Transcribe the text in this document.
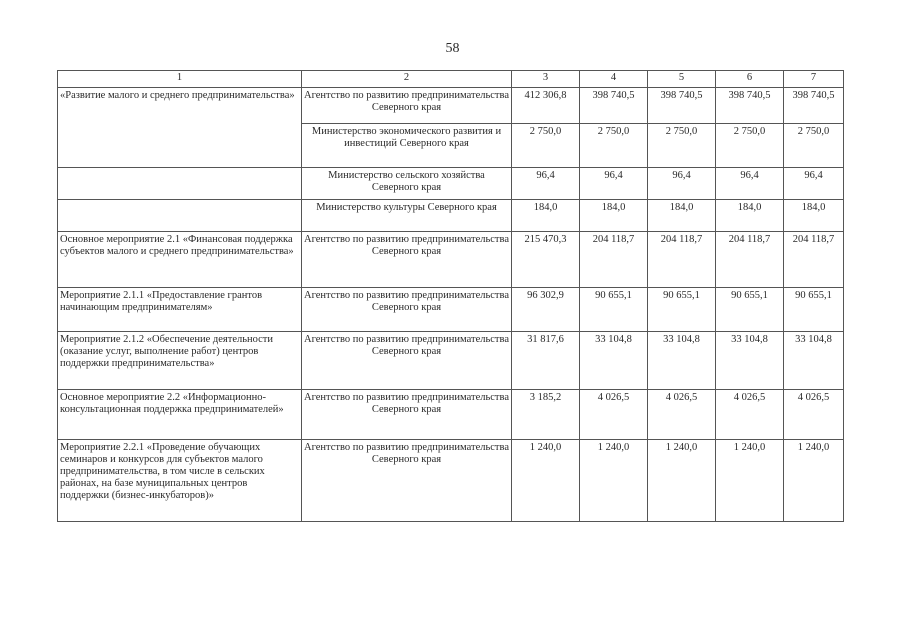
58
1	2	3	4	5	6	7
«Развитие малого и среднего предпринимательства»	Агентство по развитию предпринимательства Северного края	412 306,8	398 740,5	398 740,5	398 740,5	398 740,5
	Министерство экономического развития и инвестиций Северного края	2 750,0	2 750,0	2 750,0	2 750,0	2 750,0
	Министерство сельского хозяйства Северного края	96,4	96,4	96,4	96,4	96,4
	Министерство культуры Северного края	184,0	184,0	184,0	184,0	184,0
Основное мероприятие 2.1 «Финансовая поддержка субъектов малого и среднего предпринимательства»	Агентство по развитию предпринимательства Северного края	215 470,3	204 118,7	204 118,7	204 118,7	204 118,7
Мероприятие 2.1.1 «Предоставление грантов начинающим предпринимателям»	Агентство по развитию предпринимательства Северного края	96 302,9	90 655,1	90 655,1	90 655,1	90 655,1
Мероприятие 2.1.2 «Обеспечение деятельности (оказание услуг, выполнение работ) центров поддержки предпринимательства»	Агентство по развитию предпринимательства Северного края	31 817,6	33 104,8	33 104,8	33 104,8	33 104,8
Основное мероприятие 2.2 «Информационно-консультационная поддержка предпринимателей»	Агентство по развитию предпринимательства Северного края	3 185,2	4 026,5	4 026,5	4 026,5	4 026,5
Мероприятие 2.2.1 «Проведение обучающих семинаров и конкурсов для субъектов малого предпринимательства, в том числе в сельских районах, на базе муниципальных центров поддержки (бизнес-инкубаторов)»	Агентство по развитию предпринимательства Северного края	1 240,0	1 240,0	1 240,0	1 240,0	1 240,0
